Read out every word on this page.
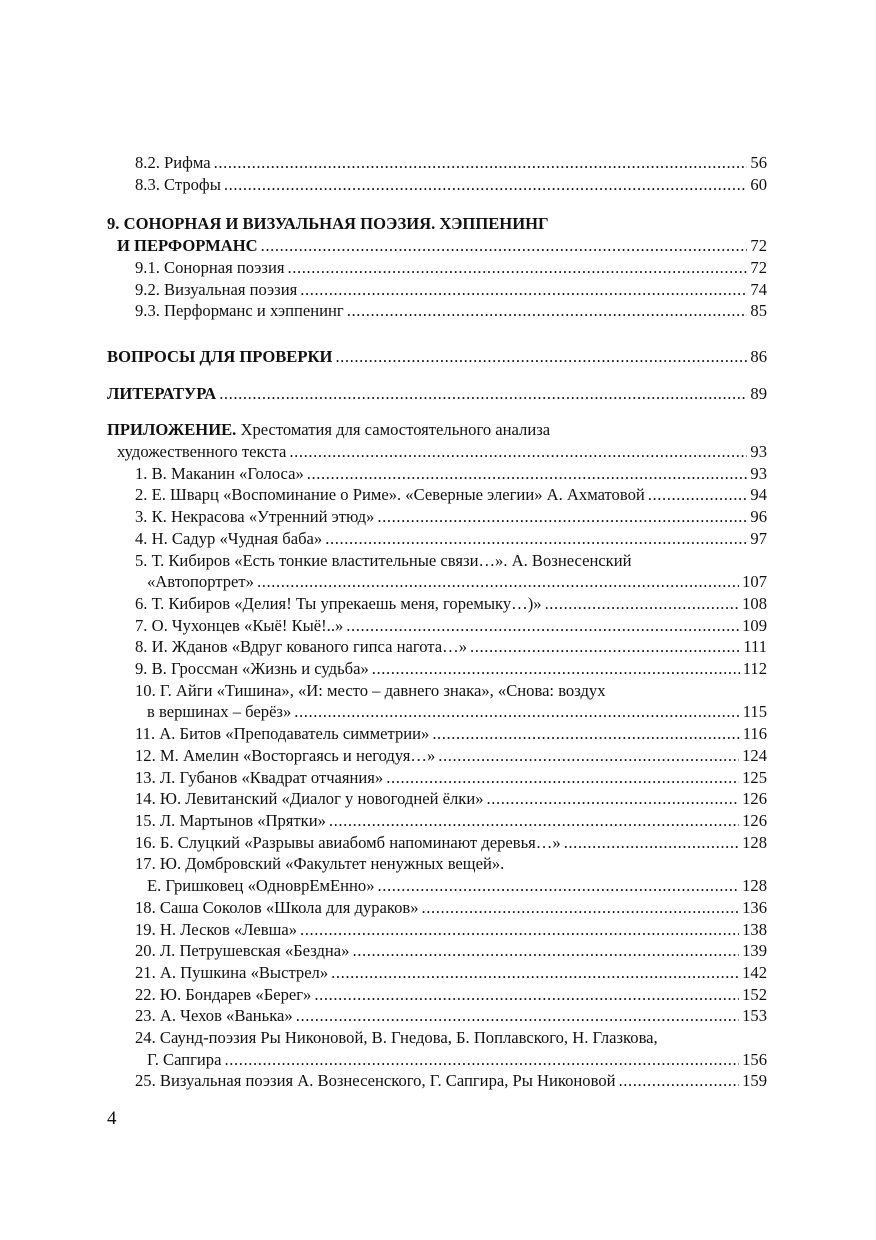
8.2. Рифма .....	56
8.3. Строфы .....	60
9. СОНОРНАЯ И ВИЗУАЛЬНАЯ ПОЭЗИЯ. ХЭППЕНИНГ
И ПЕРФОРМАНС .....	72
9.1. Сонорная поэзия .....	72
9.2. Визуальная поэзия .....	74
9.3. Перформанс и хэппенинг .....	85
ВОПРОСЫ ДЛЯ ПРОВЕРКИ .....	86
ЛИТЕРАТУРА .....	89
ПРИЛОЖЕНИЕ. Хрестоматия для самостоятельного анализа
художественного текста .....	93
1. В. Маканин «Голоса» .....	93
2. Е. Шварц «Воспоминание о Риме». «Северные элегии» А. Ахматовой .....	94
3. К. Некрасова «Утренний этюд» .....	96
4. Н. Садур «Чудная баба» .....	97
5. Т. Кибиров «Есть тонкие властительные связи…». А. Вознесенский
«Автопортрет» .....	107
6. Т. Кибиров «Делия! Ты упрекаешь меня, горемыку…)» .....	108
7. О. Чухонцев «Кыё! Кыё!..» .....	109
8. И. Жданов «Вдруг кованого гипса нагота…» .....	111
9. В. Гроссман «Жизнь и судьба» .....	112
10. Г. Айги «Тишина», «И: место – давнего знака», «Снова: воздух
в вершинах – берёз» .....	115
11. А. Битов «Преподаватель симметрии» .....	116
12. М. Амелин «Восторгаясь и негодуя…» .....	124
13. Л. Губанов «Квадрат отчаяния» .....	125
14. Ю. Левитанский «Диалог у новогодней ёлки» .....	126
15. Л. Мартынов «Прятки» .....	126
16. Б. Слуцкий «Разрывы авиабомб напоминают деревья…» .....	128
17. Ю. Домбровский «Факультет ненужных вещей».
Е. Гришковец «ОдноврЕмЕнно» .....	128
18. Саша Соколов «Школа для дураков» .....	136
19. Н. Лесков «Левша» .....	138
20. Л. Петрушевская «Бездна» .....	139
21. А. Пушкина «Выстрел» .....	142
22. Ю. Бондарев «Берег» .....	152
23. А. Чехов «Ванька» .....	153
24. Саунд-поэзия Ры Никоновой, В. Гнедова, Б. Поплавского, Н. Глазкова,
Г. Сапгира .....	156
25. Визуальная поэзия А. Вознесенского, Г. Сапгира, Ры Никоновой .....	159
4
